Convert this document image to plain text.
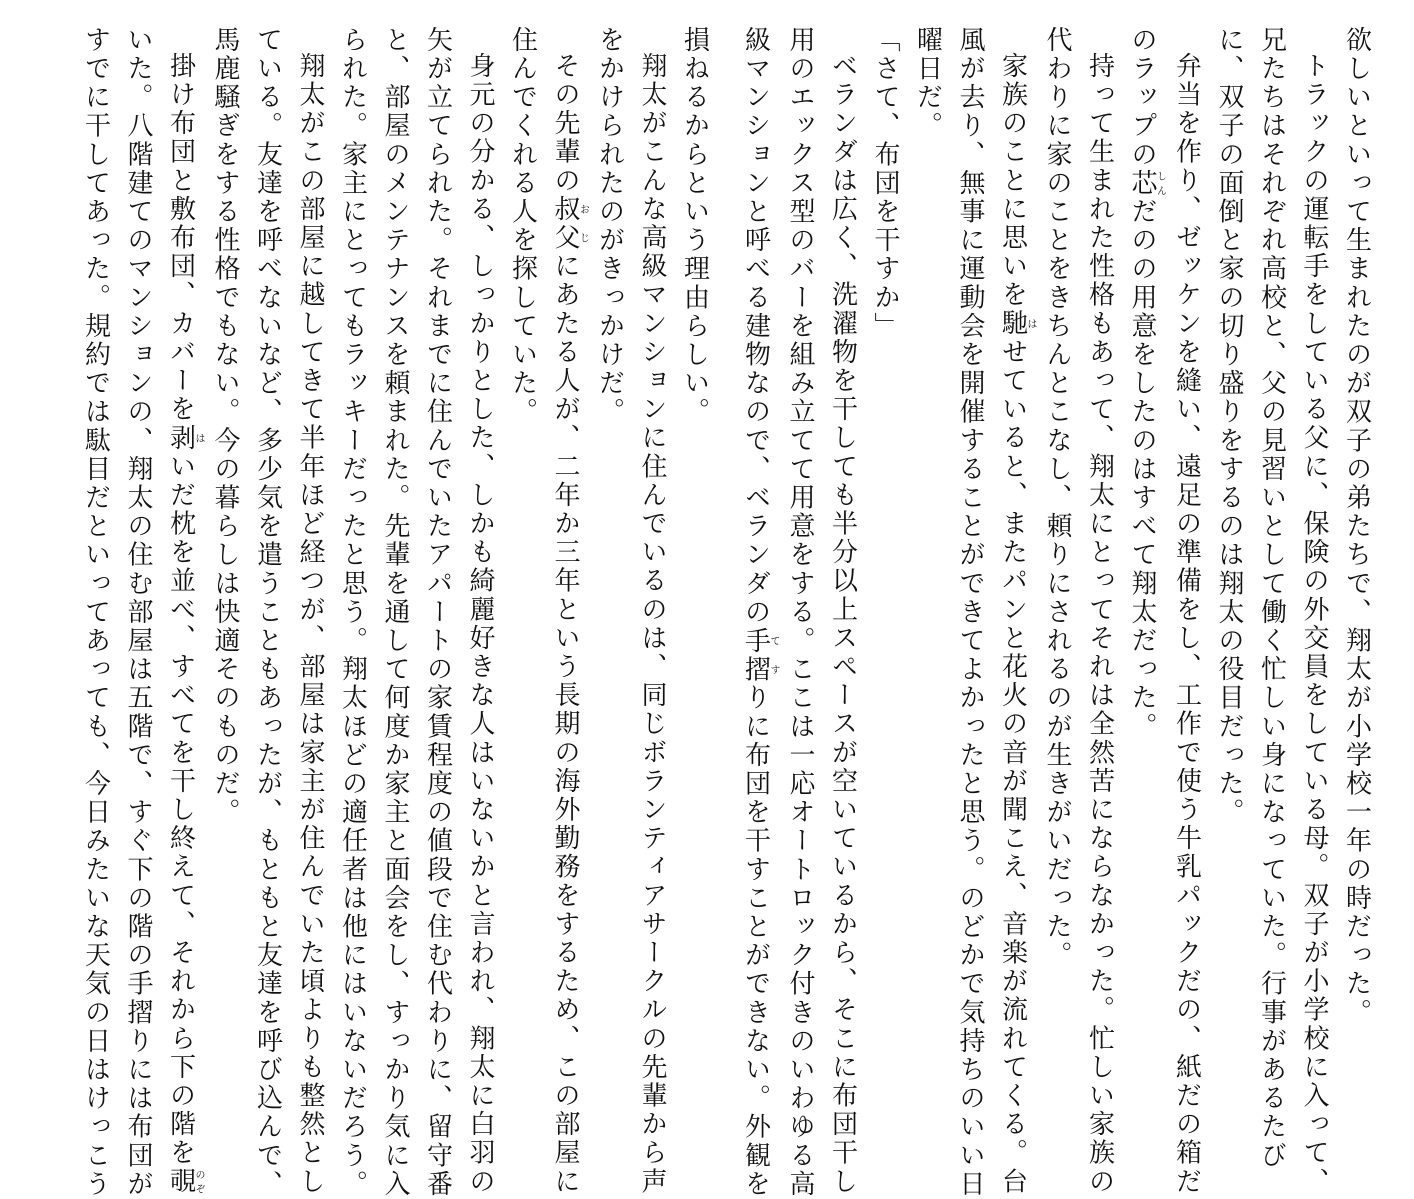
欲しいといって生まれたのが双子の弟たちで、翔太が小学校一年の時だった。
トラックの運転手をしている父に、保険の外交員をしている母。双子が小学校に入って、
兄たちはそれぞれ高校と、父の見習いとして働く忙しい身になっていた。行事があるたび
に、双子の面倒と家の切り盛りをするのは翔太の役目だった。
弁当を作り、ゼッケンを縫い、遠足の準備をし、工作で使う牛乳パックだの、紙だの箱だ
のラップの芯しんだのの用意をしたのはすべて翔太だった。
持って生まれた性格もあって、翔太にとってそれは全然苦にならなかった。忙しい家族の
代わりに家のことをきちんとこなし、頼りにされるのが生きがいだった。
家族のことに思いを馳はせていると、またパンと花火の音が聞こえ、音楽が流れてくる。台
風が去り、無事に運動会を開催することができてよかったと思う。のどかで気持ちのいい日
曜日だ。
「さて、布団を干すか」
ベランダは広く、洗濯物を干しても半分以上スペースが空いているから、そこに布団干し
用のエックス型のバーを組み立てて用意をする。ここは一応オートロック付きのいわゆる高
級マンションと呼べる建物なので、ベランダの手摺てすりに布団を干すことができない。外観を
損ねるからという理由らしい。
翔太がこんな高級マンションに住んでいるのは、同じボランティアサークルの先輩から声
をかけられたのがきっかけだ。
その先輩の叔父おじにあたる人が、二年か三年という長期の海外勤務をするため、この部屋に
住んでくれる人を探していた。
身元の分かる、しっかりとした、しかも綺麗好きな人はいないかと言われ、翔太に白羽の
矢が立てられた。それまでに住んでいたアパートの家賃程度の値段で住む代わりに、留守番
と、部屋のメンテナンスを頼まれた。先輩を通して何度か家主と面会をし、すっかり気に入
られた。家主にとってもラッキーだったと思う。翔太ほどの適任者は他にはいないだろう。
翔太がこの部屋に越してきて半年ほど経つが、部屋は家主が住んでいた頃よりも整然とし
ている。友達を呼べないなど、多少気を遣うこともあったが、もともと友達を呼び込んで、
馬鹿騒ぎをする性格でもない。今の暮らしは快適そのものだ。
掛け布団と敷布団、カバーを剥はいだ枕を並べ、すべてを干し終えて、それから下の階を覗のぞ
いた。八階建てのマンションの、翔太の住む部屋は五階で、すぐ下の階の手摺りには布団が
すでに干してあった。規約では駄目だといってあっても、今日みたいな天気の日はけっこう
